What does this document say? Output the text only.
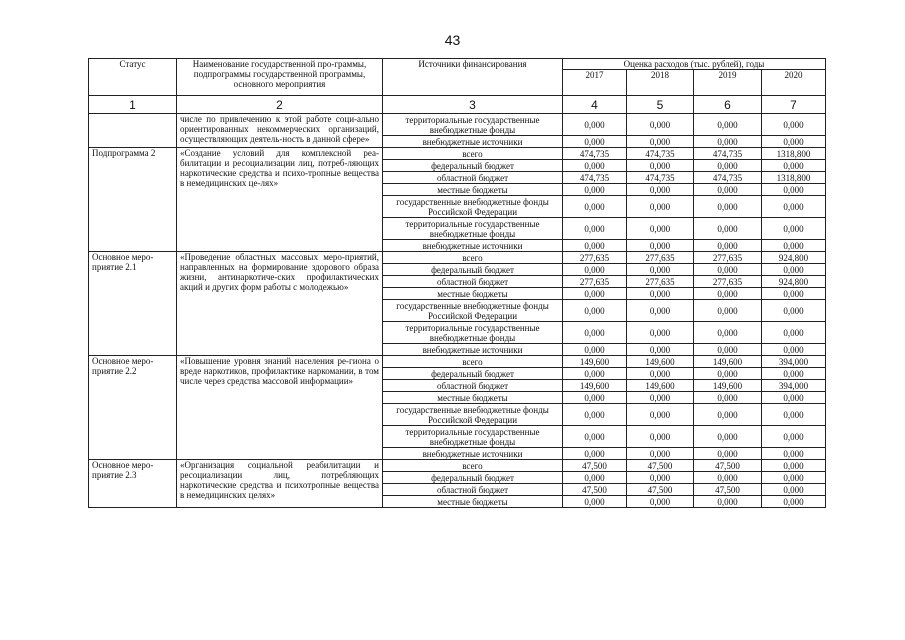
43
Статус	Наименование государственной про-граммы, подпрограммы государственной программы, основного мероприятия	Источники финансирования	Оценка расходов (тыс. рублей), годы			
			2017	2018	2019	2020
1	2	3	4	5	6	7
	числе по привлечению к этой работе соци-ально ориентированных некоммерческих организаций, осуществляющих деятель-ность в данной сфере»	территориальные государственные внебюджетные фонды	0,000	0,000	0,000	0,000
		внебюджетные источники	0,000	0,000	0,000	0,000
Подпрограмма 2	«Создание условий для комплексной реа-билитации и ресоциализации лиц, потреб-ляющих наркотические средства и психо-тропные вещества в немедицинских це-лях»	всего	474,735	474,735	474,735	1318,800
		федеральный бюджет	0,000	0,000	0,000	0,000
		областной бюджет	474,735	474,735	474,735	1318,800
		местные бюджеты	0,000	0,000	0,000	0,000
		государственные внебюджетные фонды Российской Федерации	0,000	0,000	0,000	0,000
		территориальные государственные внебюджетные фонды	0,000	0,000	0,000	0,000
		внебюджетные источники	0,000	0,000	0,000	0,000
Основное меро-приятие 2.1	«Проведение областных массовых меро-приятий, направленных на формирование здорового образа жизни, антинаркотиче-ских профилактических акций и других форм работы с молодежью»	всего	277,635	277,635	277,635	924,800
		федеральный бюджет	0,000	0,000	0,000	0,000
		областной бюджет	277,635	277,635	277,635	924,800
		местные бюджеты	0,000	0,000	0,000	0,000
		государственные внебюджетные фонды Российской Федерации	0,000	0,000	0,000	0,000
		территориальные государственные внебюджетные фонды	0,000	0,000	0,000	0,000
		внебюджетные источники	0,000	0,000	0,000	0,000
Основное меро-приятие 2.2	«Повышение уровня знаний населения ре-гиона о вреде наркотиков, профилактике наркомании, в том числе через средства массовой информации»	всего	149,600	149,600	149,600	394,000
		федеральный бюджет	0,000	0,000	0,000	0,000
		областной бюджет	149,600	149,600	149,600	394,000
		местные бюджеты	0,000	0,000	0,000	0,000
		государственные внебюджетные фонды Российской Федерации	0,000	0,000	0,000	0,000
		территориальные государственные внебюджетные фонды	0,000	0,000	0,000	0,000
		внебюджетные источники	0,000	0,000	0,000	0,000
Основное меро-приятие 2.3	«Организация социальной реабилитации и ресоциализации лиц, потребляющих наркотические средства и психотропные вещества в немедицинских целях»	всего	47,500	47,500	47,500	0,000
		федеральный бюджет	0,000	0,000	0,000	0,000
		областной бюджет	47,500	47,500	47,500	0,000
		местные бюджеты	0,000	0,000	0,000	0,000
